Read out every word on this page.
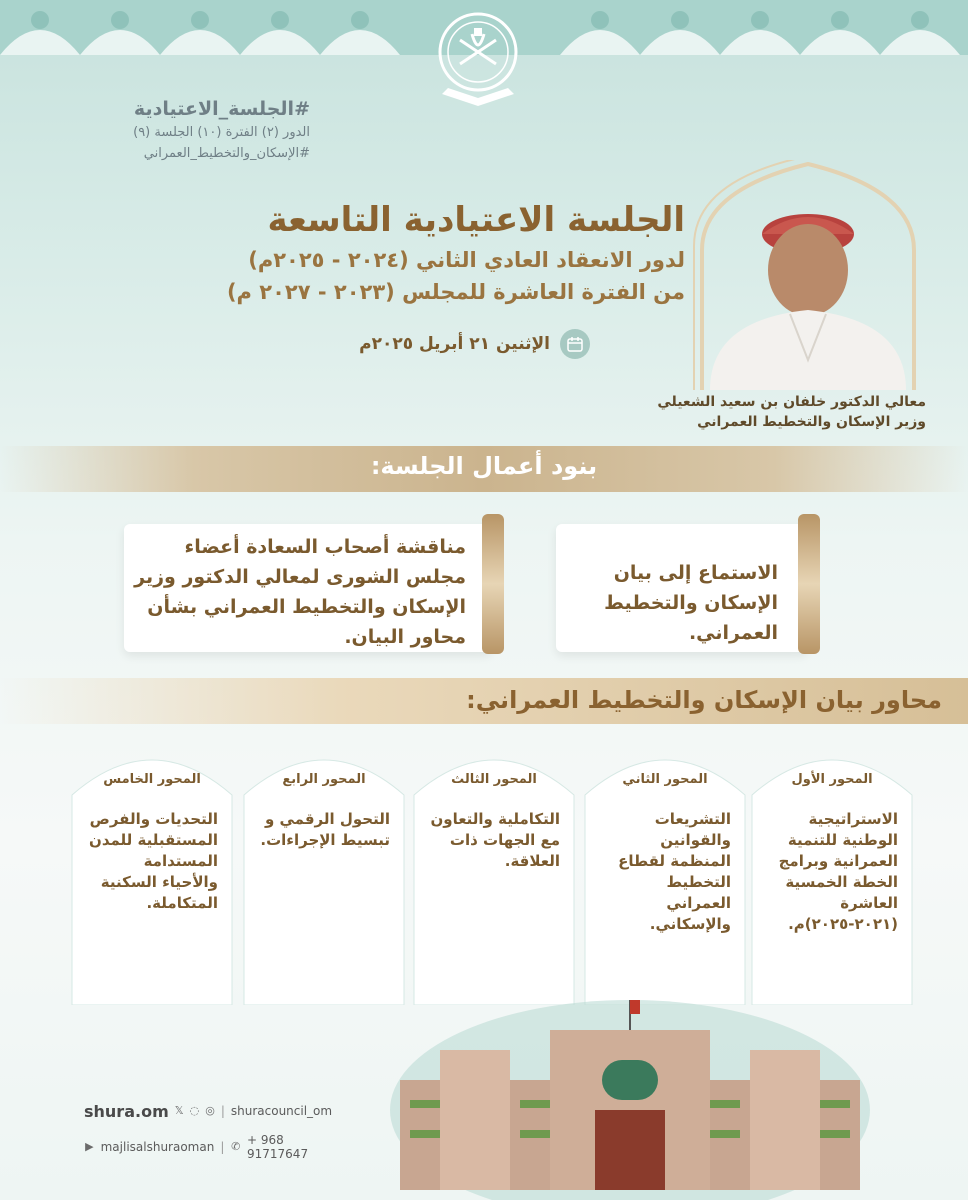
#الجلسة_الاعتيادية
الدور (٢) الفترة (١٠) الجلسة (٩)
#الإسكان_والتخطيط_العمراني
الجلسة الاعتيادية التاسعة
لدور الانعقاد العادي الثاني (٢٠٢٤ - ٢٠٢٥م)
من الفترة العاشرة للمجلس (٢٠٢٣ - ٢٠٢٧ م)
الإثنين ٢١ أبريل ٢٠٢٥م
معالي الدكتور خلفان بن سعيد الشعيلي
وزير الإسكان والتخطيط العمراني
بنود أعمال الجلسة:
الاستماع إلى بيان الإسكان والتخطيط العمراني.
مناقشة أصحاب السعادة أعضاء مجلس الشورى لمعالي الدكتور وزير الإسكان والتخطيط العمراني بشأن محاور البيان.
محاور بيان الإسكان والتخطيط العمراني:
المحور الأول
الاستراتيجية الوطنية للتنمية العمرانية وبرامج الخطة الخمسية العاشرة (٢٠٢١-٢٠٢٥)م.
المحور الثاني
التشريعات والقوانين المنظمة لقطاع التخطيط العمراني والإسكاني.
المحور الثالث
التكاملية والتعاون مع الجهات ذات العلاقة.
المحور الرابع
التحول الرقمي و تبسيط الإجراءات.
المحور الخامس
التحديات والفرص المستقبلية للمدن المستدامة والأحياء السكنية المتكاملة.
shura.om 𝕏 ◌ ◎ | shuracouncil_om
▶ majlisalshuraoman | ✆ + 968 91717647
